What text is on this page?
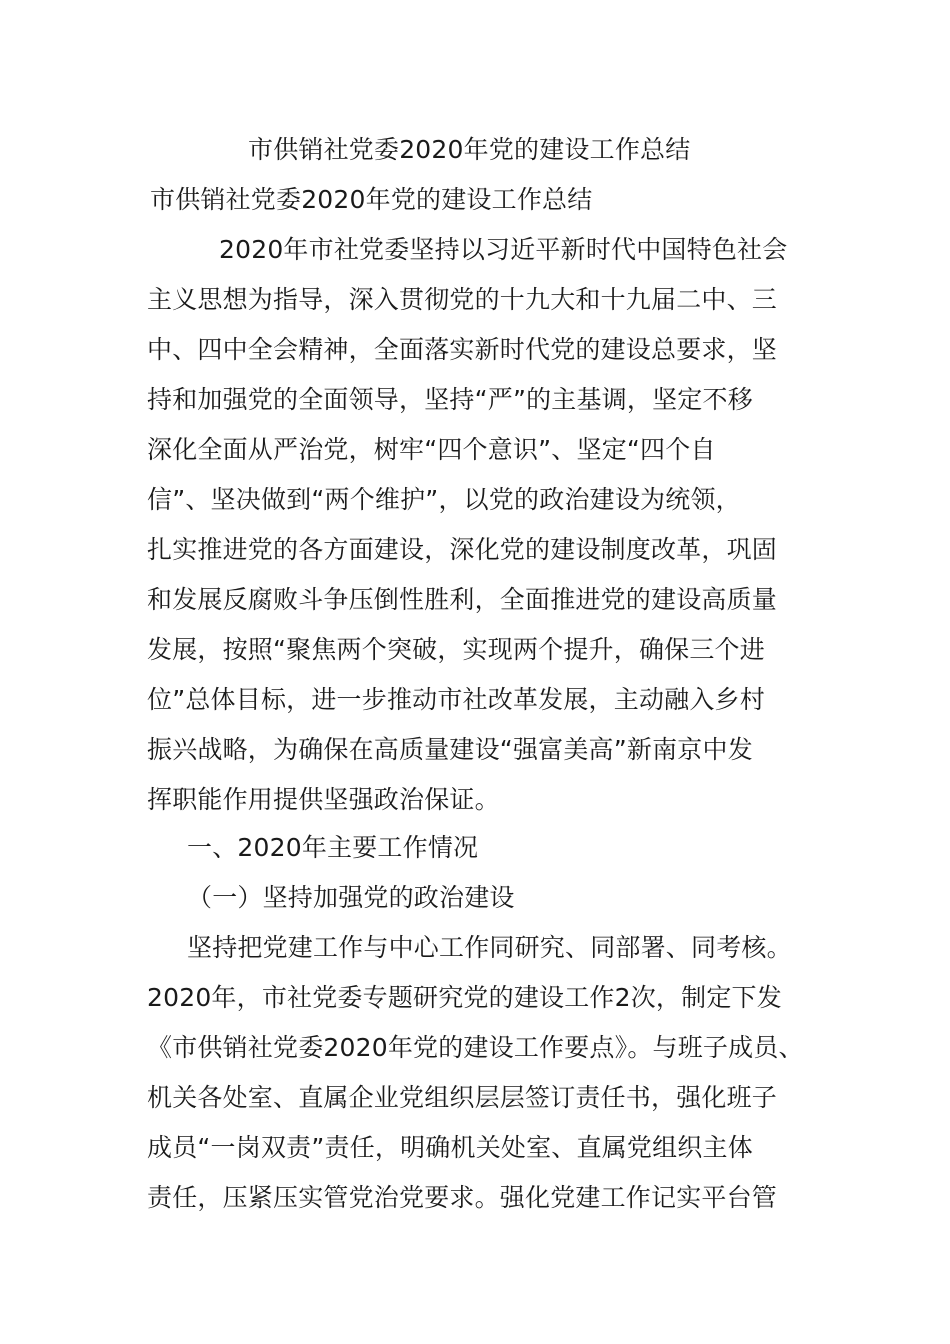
市供销社党委2020年党的建设工作总结
市供销社党委2020年党的建设工作总结
2020年市社党委坚持以习近平新时代中国特色社会
主义思想为指导，深入贯彻党的十九大和十九届二中、三
中、四中全会精神，全面落实新时代党的建设总要求，坚
持和加强党的全面领导，坚持“严”的主基调，坚定不移
深化全面从严治党，树牢“四个意识”、坚定“四个自
信”、坚决做到“两个维护”，以党的政治建设为统领，
扎实推进党的各方面建设，深化党的建设制度改革，巩固
和发展反腐败斗争压倒性胜利，全面推进党的建设高质量
发展，按照“聚焦两个突破，实现两个提升，确保三个进
位”总体目标，进一步推动市社改革发展，主动融入乡村
振兴战略，为确保在高质量建设“强富美高”新南京中发
挥职能作用提供坚强政治保证。
一、2020年主要工作情况
（一）坚持加强党的政治建设
坚持把党建工作与中心工作同研究、同部署、同考核。
2020年，市社党委专题研究党的建设工作2次，制定下发
《市供销社党委2020年党的建设工作要点》。与班子成员、
机关各处室、直属企业党组织层层签订责任书，强化班子
成员“一岗双责”责任，明确机关处室、直属党组织主体
责任，压紧压实管党治党要求。强化党建工作记实平台管
